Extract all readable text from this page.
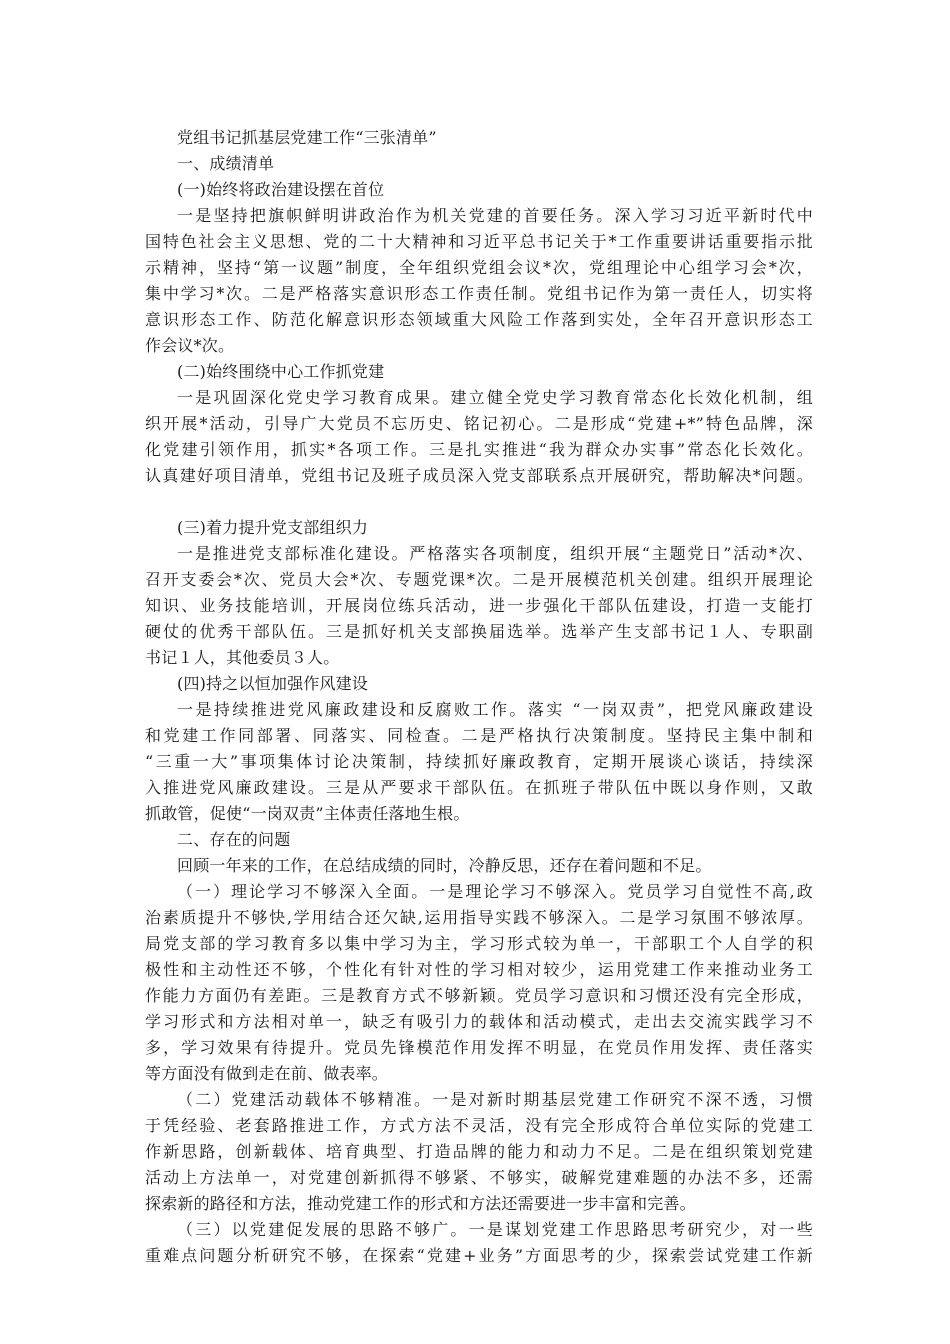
党组书记抓基层党建工作“三张清单”
一、成绩清单
(一)始终将政治建设摆在首位
一是坚持把旗帜鲜明讲政治作为机关党建的首要任务。深入学习习近平新时代中
国特色社会主义思想、党的二十大精神和习近平总书记关于*工作重要讲话重要指示批
示精神，坚持“第一议题”制度，全年组织党组会议*次，党组理论中心组学习会*次，
集中学习*次。二是严格落实意识形态工作责任制。党组书记作为第一责任人，切实将
意识形态工作、防范化解意识形态领域重大风险工作落到实处，全年召开意识形态工
作会议*次。
(二)始终围绕中心工作抓党建
一是巩固深化党史学习教育成果。建立健全党史学习教育常态化长效化机制，组
织开展*活动，引导广大党员不忘历史、铭记初心。二是形成“党建+*”特色品牌，深
化党建引领作用，抓实*各项工作。三是扎实推进“我为群众办实事”常态化长效化。
认真建好项目清单，党组书记及班子成员深入党支部联系点开展研究，帮助解决*问题。
(三)着力提升党支部组织力
一是推进党支部标准化建设。严格落实各项制度，组织开展“主题党日”活动*次、
召开支委会*次、党员大会*次、专题党课*次。二是开展模范机关创建。组织开展理论
知识、业务技能培训，开展岗位练兵活动，进一步强化干部队伍建设，打造一支能打
硬仗的优秀干部队伍。三是抓好机关支部换届选举。选举产生支部书记１人、专职副
书记１人，其他委员３人。
(四)持之以恒加强作风建设
一是持续推进党风廉政建设和反腐败工作。落实 “一岗双责”，把党风廉政建设
和党建工作同部署、同落实、同检查。二是严格执行决策制度。坚持民主集中制和
“三重一大”事项集体讨论决策制，持续抓好廉政教育，定期开展谈心谈话，持续深
入推进党风廉政建设。三是从严要求干部队伍。在抓班子带队伍中既以身作则，又敢
抓敢管，促使“一岗双责”主体责任落地生根。
二、存在的问题
回顾一年来的工作，在总结成绩的同时，冷静反思，还存在着问题和不足。
（一）理论学习不够深入全面。一是理论学习不够深入。党员学习自觉性不高,政
治素质提升不够快,学用结合还欠缺,运用指导实践不够深入。二是学习氛围不够浓厚。
局党支部的学习教育多以集中学习为主，学习形式较为单一，干部职工个人自学的积
极性和主动性还不够，个性化有针对性的学习相对较少，运用党建工作来推动业务工
作能力方面仍有差距。三是教育方式不够新颖。党员学习意识和习惯还没有完全形成，
学习形式和方法相对单一，缺乏有吸引力的载体和活动模式，走出去交流实践学习不
多，学习效果有待提升。党员先锋模范作用发挥不明显，在党员作用发挥、责任落实
等方面没有做到走在前、做表率。
（二）党建活动载体不够精准。一是对新时期基层党建工作研究不深不透，习惯
于凭经验、老套路推进工作，方式方法不灵活，没有完全形成符合单位实际的党建工
作新思路，创新载体、培育典型、打造品牌的能力和动力不足。二是在组织策划党建
活动上方法单一，对党建创新抓得不够紧、不够实，破解党建难题的办法不多，还需
探索新的路径和方法，推动党建工作的形式和方法还需要进一步丰富和完善。
（三）以党建促发展的思路不够广。一是谋划党建工作思路思考研究少，对一些
重难点问题分析研究不够，在探索“党建+业务”方面思考的少，探索尝试党建工作新
